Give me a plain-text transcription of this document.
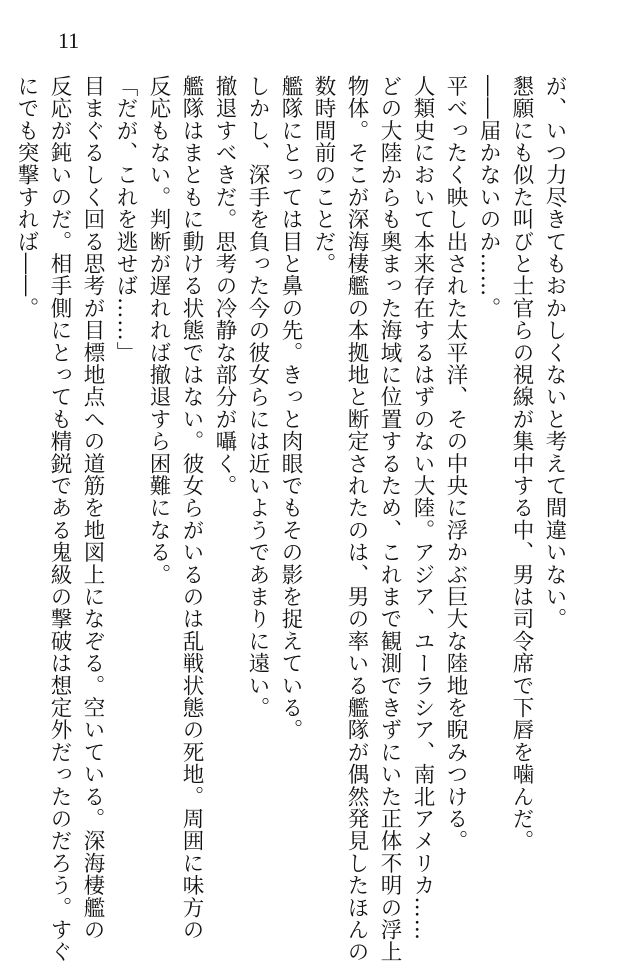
11
が、いつ力尽きてもおかしくないと考えて間違いない。
懇願にも似た叫びと士官らの視線が集中する中、男は司令席で下唇を噛んだ。
――届かないのか……。
平べったく映し出された太平洋、その中央に浮かぶ巨大な陸地を睨みつける。
人類史において本来存在するはずのない大陸。アジア、ユーラシア、南北アメリカ……
どの大陸からも奥まった海域に位置するため、これまで観測できずにいた正体不明の浮上
物体。そこが深海棲艦の本拠地と断定されたのは、男の率いる艦隊が偶然発見したほんの
数時間前のことだ。
艦隊にとっては目と鼻の先。きっと肉眼でもその影を捉えている。
しかし、深手を負った今の彼女らには近いようであまりに遠い。
撤退すべきだ。思考の冷静な部分が囁く。
艦隊はまともに動ける状態ではない。彼女らがいるのは乱戦状態の死地。周囲に味方の
反応もない。判断が遅れれば撤退すら困難になる。
「だが、これを逃せば……」
目まぐるしく回る思考が目標地点への道筋を地図上になぞる。空いている。深海棲艦の
反応が鈍いのだ。相手側にとっても精鋭である鬼級の撃破は想定外だったのだろう。すぐ
にでも突撃すれば――。
